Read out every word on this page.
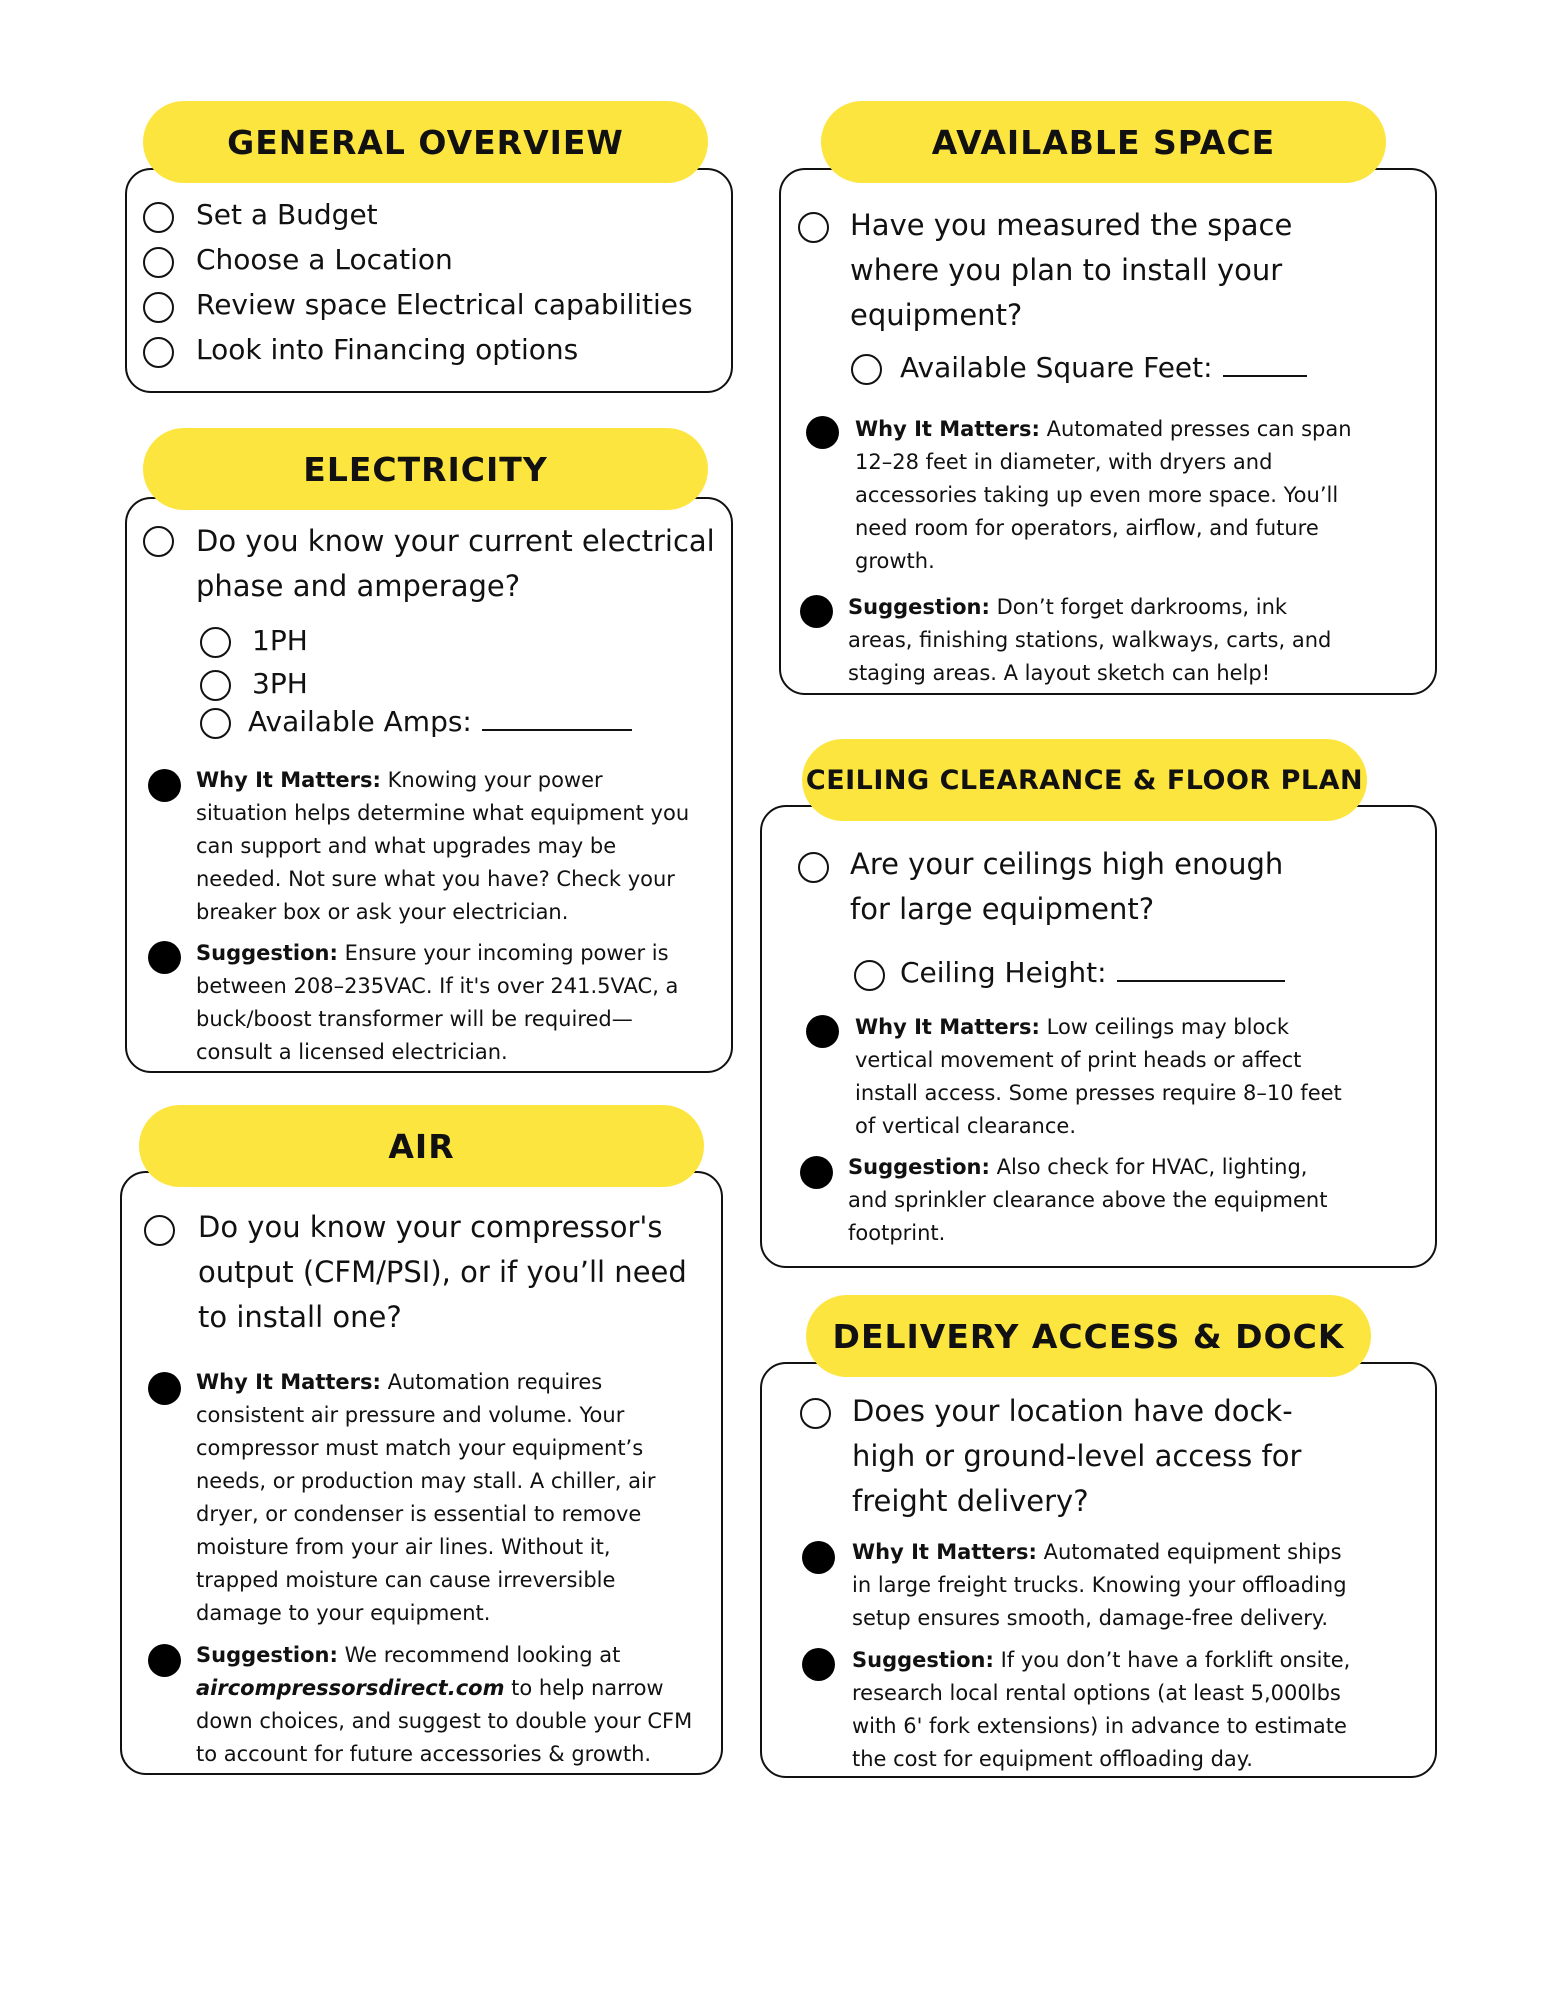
GENERAL OVERVIEW
Set a Budget
Choose a Location
Review space Electrical capabilities
Look into Financing options
ELECTRICITY
Do you know your current electrical
phase and amperage?
1PH
3PH
Available Amps:
Why It Matters: Knowing your power situation helps determine what equipment you can support and what upgrades may be needed. Not sure what you have? Check your breaker box or ask your electrician.
Suggestion: Ensure your incoming power is between 208–235VAC. If it's over 241.5VAC, a buck/boost transformer will be required—consult a licensed electrician.
AIR
Do you know your compressor's
output (CFM/PSI), or if you’ll need
to install one?
Why It Matters: Automation requires consistent air pressure and volume. Your compressor must match your equipment’s needs, or production may stall. A chiller, air dryer, or condenser is essential to remove moisture from your air lines. Without it, trapped moisture can cause irreversible damage to your equipment.
Suggestion: We recommend looking at aircompressorsdirect.com to help narrow down choices, and suggest to double your CFM to account for future accessories & growth.
AVAILABLE SPACE
Have you measured the space
where you plan to install your
equipment?
Available Square Feet:
Why It Matters: Automated presses can span 12–28 feet in diameter, with dryers and accessories taking up even more space. You’ll need room for operators, airflow, and future growth.
Suggestion: Don’t forget darkrooms, ink areas, finishing stations, walkways, carts, and staging areas. A layout sketch can help!
CEILING CLEARANCE & FLOOR PLAN
Are your ceilings high enough
for large equipment?
Ceiling Height:
Why It Matters: Low ceilings may block vertical movement of print heads or affect install access. Some presses require 8–10 feet of vertical clearance.
Suggestion: Also check for HVAC, lighting, and sprinkler clearance above the equipment footprint.
DELIVERY ACCESS & DOCK
Does your location have dock-
high or ground-level access for
freight delivery?
Why It Matters: Automated equipment ships in large freight trucks. Knowing your offloading setup ensures smooth, damage-free delivery.
Suggestion: If you don’t have a forklift onsite, research local rental options (at least 5,000lbs with 6' fork extensions) in advance to estimate the cost for equipment offloading day.
